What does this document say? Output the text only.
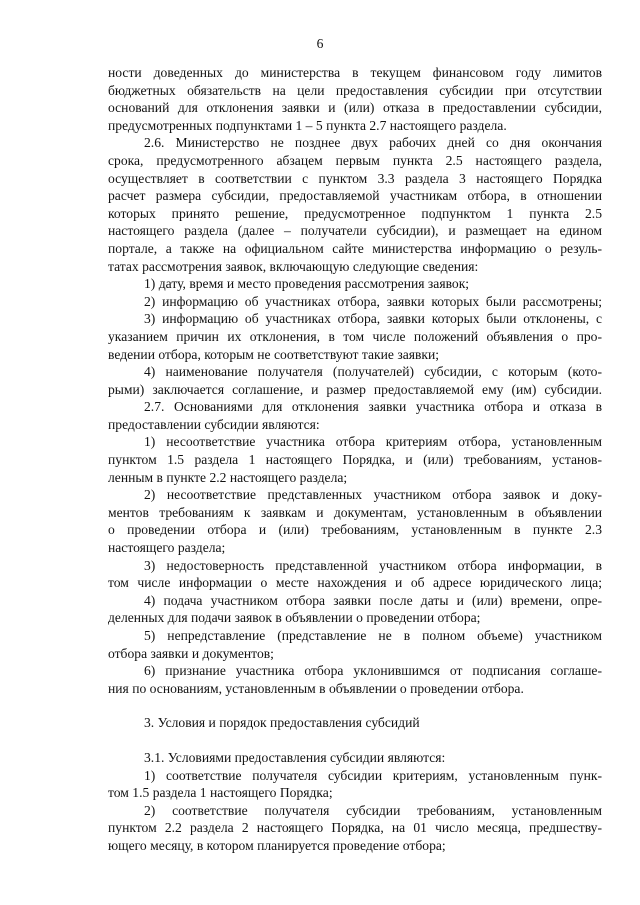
6
ности доведенных до министерства в текущем финансовом году лимитов
бюджетных обязательств на цели предоставления субсидии при отсутствии
оснований для отклонения заявки и (или) отказа в предоставлении субсидии,
предусмотренных подпунктами 1 – 5 пункта 2.7 настоящего раздела.
2.6. Министерство не позднее двух рабочих дней со дня окончания
срока, предусмотренного абзацем первым пункта 2.5 настоящего раздела,
осуществляет в соответствии с пунктом 3.3 раздела 3 настоящего Порядка
расчет размера субсидии, предоставляемой участникам отбора, в отношении
которых принято решение, предусмотренное подпунктом 1 пункта 2.5
настоящего раздела (далее – получатели субсидии), и размещает на едином
портале, а также на официальном сайте министерства информацию о резуль-
татах рассмотрения заявок, включающую следующие сведения:
1) дату, время и место проведения рассмотрения заявок;
2) информацию об участниках отбора, заявки которых были рассмотрены;
3) информацию об участниках отбора, заявки которых были отклонены, с
указанием причин их отклонения, в том числе положений объявления о про-
ведении отбора, которым не соответствуют такие заявки;
4) наименование получателя (получателей) субсидии, с которым (кото-
рыми) заключается соглашение, и размер предоставляемой ему (им) субсидии.
2.7. Основаниями для отклонения заявки участника отбора и отказа в
предоставлении субсидии являются:
1) несоответствие участника отбора критериям отбора, установленным
пунктом 1.5 раздела 1 настоящего Порядка, и (или) требованиям, установ-
ленным в пункте 2.2 настоящего раздела;
2) несоответствие представленных участником отбора заявок и доку-
ментов требованиям к заявкам и документам, установленным в объявлении
о проведении отбора и (или) требованиям, установленным в пункте 2.3
настоящего раздела;
3) недостоверность представленной участником отбора информации, в
том числе информации о месте нахождения и об адресе юридического лица;
4) подача участником отбора заявки после даты и (или) времени, опре-
деленных для подачи заявок в объявлении о проведении отбора;
5) непредставление (представление не в полном объеме) участником
отбора заявки и документов;
6) признание участника отбора уклонившимся от подписания соглаше-
ния по основаниям, установленным в объявлении о проведении отбора.
3. Условия и порядок предоставления субсидий
3.1. Условиями предоставления субсидии являются:
1) соответствие получателя субсидии критериям, установленным пунк-
том 1.5 раздела 1 настоящего Порядка;
2) соответствие получателя субсидии требованиям, установленным
пунктом 2.2 раздела 2 настоящего Порядка, на 01 число месяца, предшеству-
ющего месяцу, в котором планируется проведение отбора;
